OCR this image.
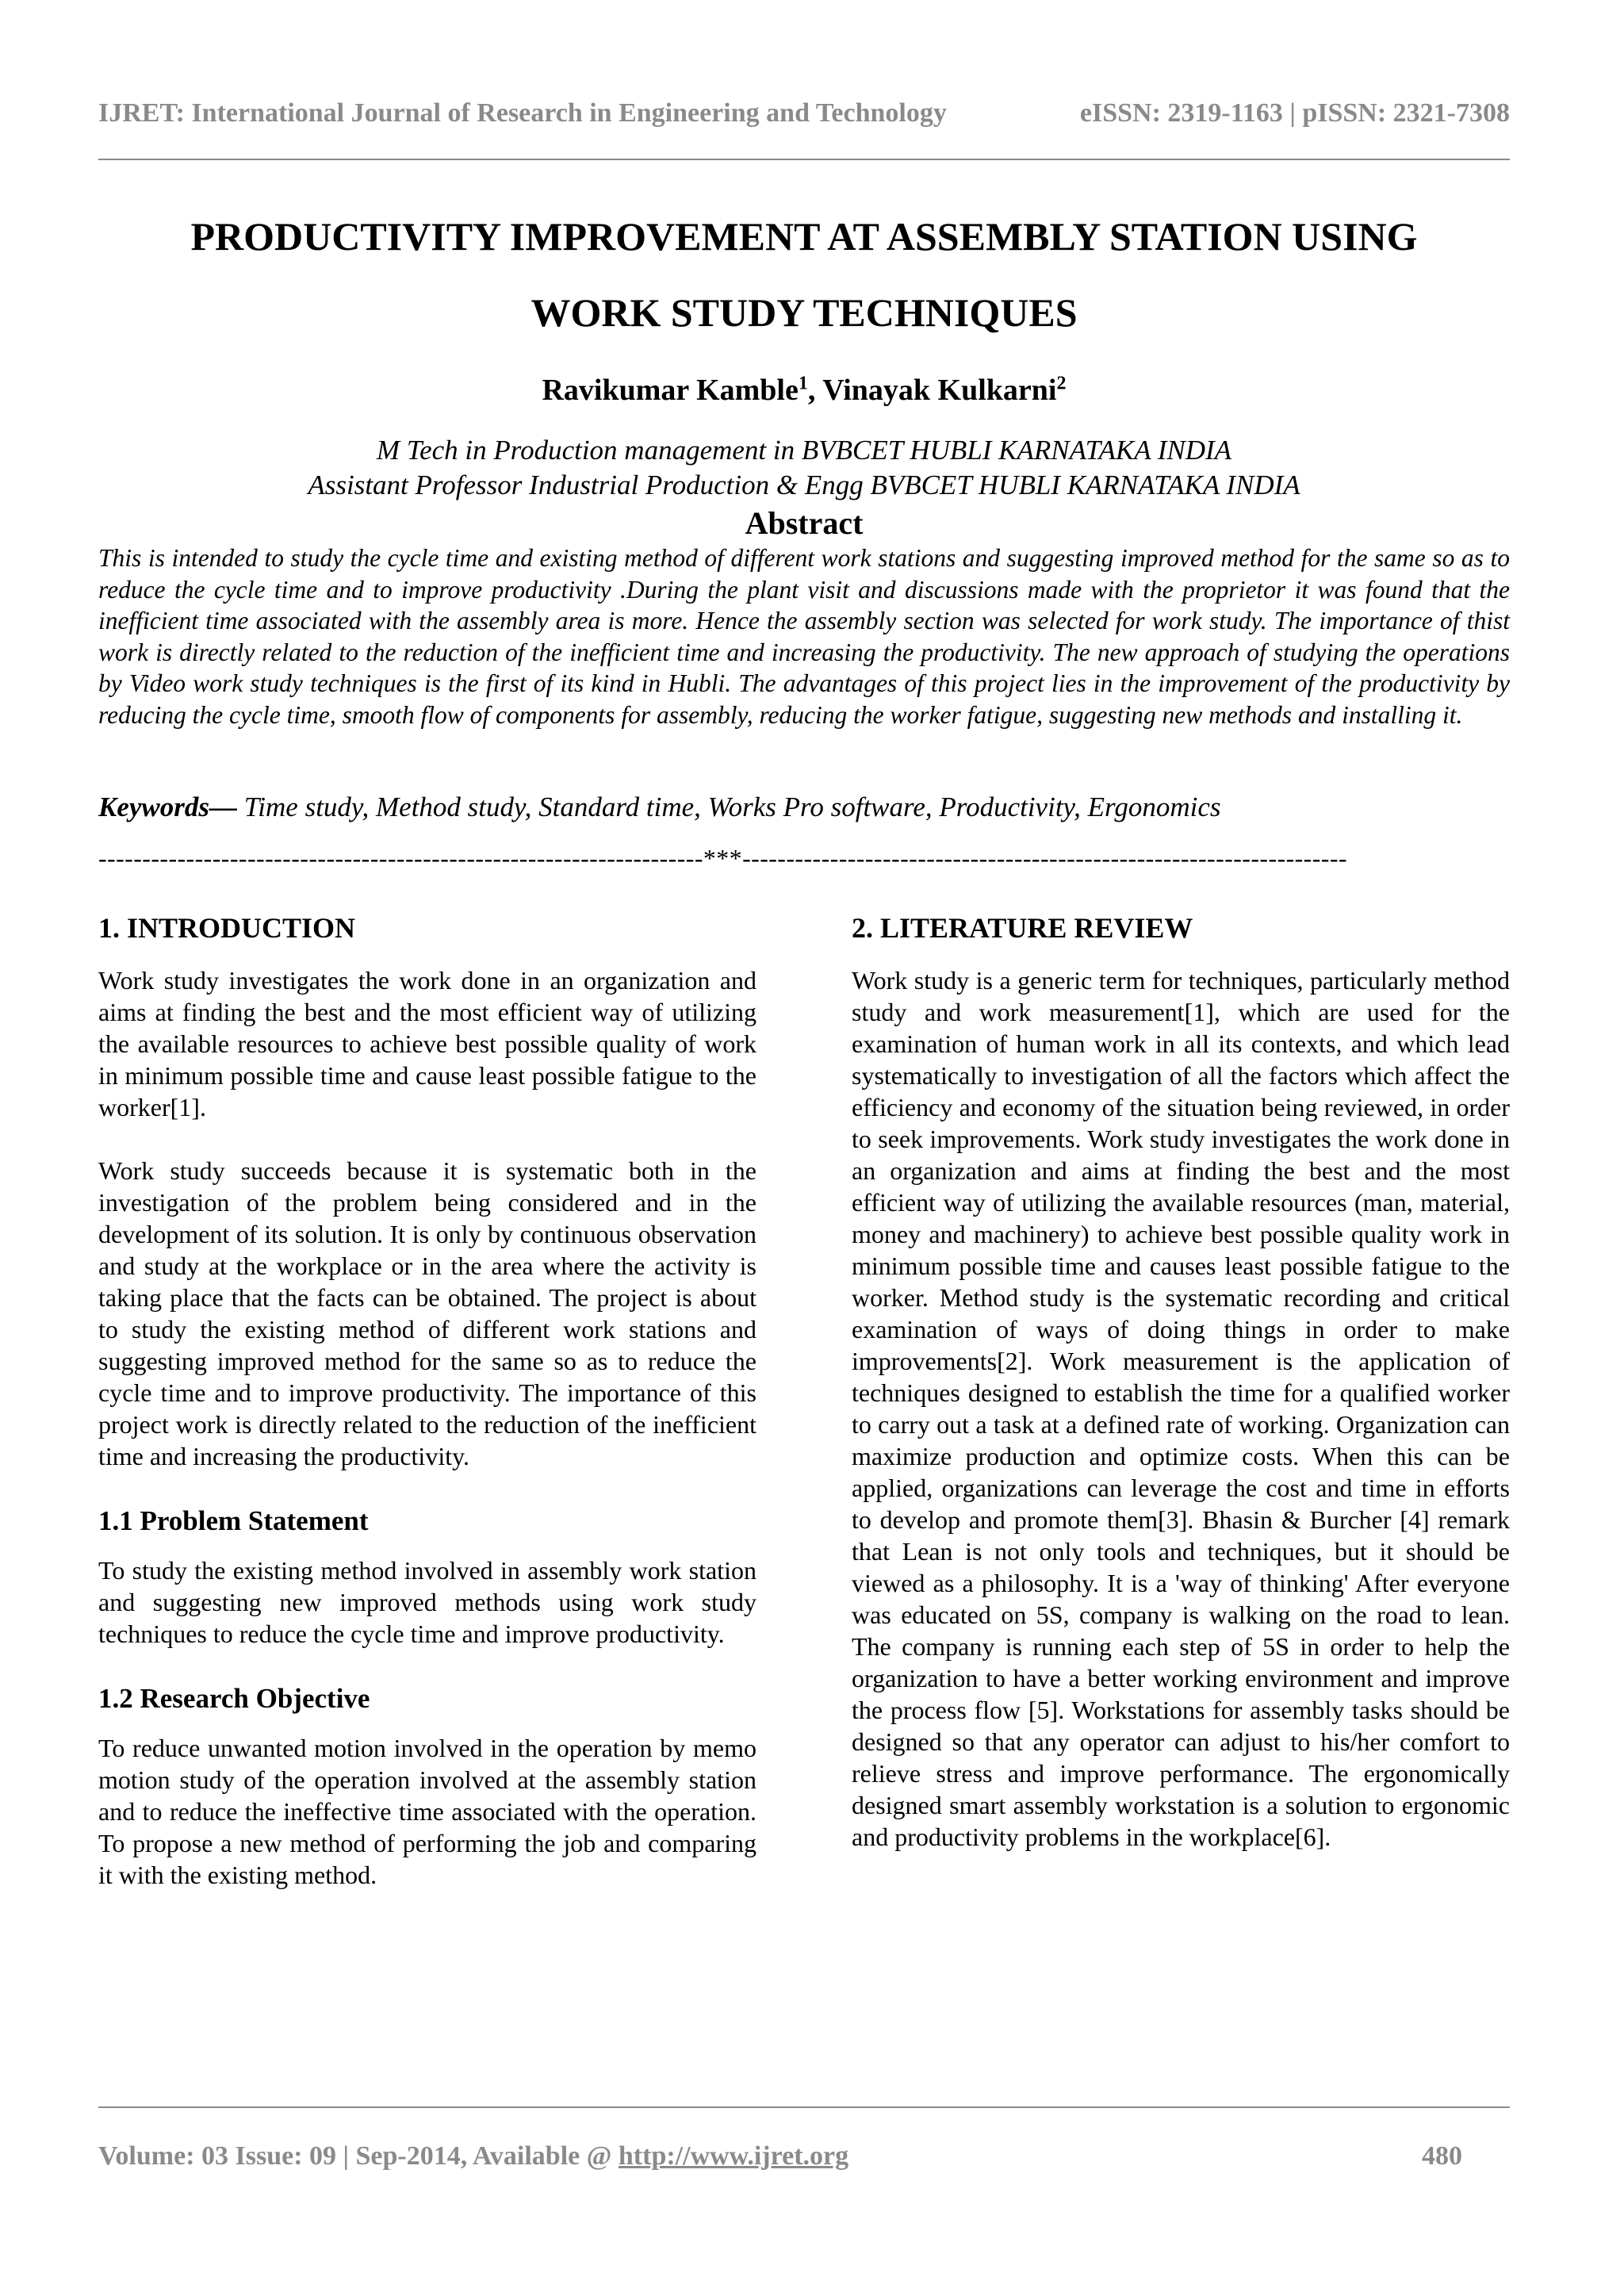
IJRET: International Journal of Research in Engineering and Technology	eISSN: 2319-1163 | pISSN: 2321-7308
PRODUCTIVITY IMPROVEMENT AT ASSEMBLY STATION USING
WORK STUDY TECHNIQUES
Ravikumar Kamble$^1$, Vinayak Kulkarni$^2$
M Tech in Production management in BVBCET HUBLI KARNATAKA INDIA
Assistant Professor Industrial Production & Engg BVBCET HUBLI KARNATAKA INDIA
Abstract
This is intended to study the cycle time and existing method of different work stations and suggesting improved method for the same so as to reduce the cycle time and to improve productivity .During the plant visit and discussions made with the proprietor it was found that the inefficient time associated with the assembly area is more. Hence the assembly section was selected for work study. The importance of thist work is directly related to the reduction of the inefficient time and increasing the productivity. The new approach of studying the operations by Video work study techniques is the first of its kind in Hubli. The advantages of this project lies in the improvement of the productivity by reducing the cycle time, smooth flow of components for assembly, reducing the worker fatigue, suggesting new methods and installing it.
Keywords— Time study, Method study, Standard time, Works Pro software, Productivity, Ergonomics
---------------------------------------------------------------------***---------------------------------------------------------------------
1. INTRODUCTION

Work study investigates the work done in an organization and aims at finding the best and the most efficient way of utilizing the available resources to achieve best possible quality of work in minimum possible time and cause least possible fatigue to the worker[1].

Work study succeeds because it is systematic both in the investigation of the problem being considered and in the development of its solution. It is only by continuous observation and study at the workplace or in the area where the activity is taking place that the facts can be obtained. The project is about to study the existing method of different work stations and suggesting improved method for the same so as to reduce the cycle time and to improve productivity. The importance of this project work is directly related to the reduction of the inefficient time and increasing the productivity.

1.1 Problem Statement

To study the existing method involved in assembly work station and suggesting new improved methods using work study techniques to reduce the cycle time and improve productivity.

1.2 Research Objective

To reduce unwanted motion involved in the operation by memo motion study of the operation involved at the assembly station and to reduce the ineffective time associated with the operation. To propose a new method of performing the job and comparing it with the existing method.

2. LITERATURE REVIEW

Work study is a generic term for techniques, particularly method study and work measurement[1], which are used for the examination of human work in all its contexts, and which lead systematically to investigation of all the factors which affect the efficiency and economy of the situation being reviewed, in order to seek improvements. Work study investigates the work done in an organization and aims at finding the best and the most efficient way of utilizing the available resources (man, material, money and machinery) to achieve best possible quality work in minimum possible time and causes least possible fatigue to the worker. Method study is the systematic recording and critical examination of ways of doing things in order to make improvements[2]. Work measurement is the application of techniques designed to establish the time for a qualified worker to carry out a task at a defined rate of working. Organization can maximize production and optimize costs. When this can be applied, organizations can leverage the cost and time in efforts to develop and promote them[3]. Bhasin & Burcher [4] remark that Lean is not only tools and techniques, but it should be viewed as a philosophy. It is a 'way of thinking' After everyone was educated on 5S, company is walking on the road to lean. The company is running each step of 5S in order to help the organization to have a better working environment and improve the process flow [5]. Workstations for assembly tasks should be designed so that any operator can adjust to his/her comfort to relieve stress and improve performance. The ergonomically designed smart assembly workstation is a solution to ergonomic and productivity problems in the workplace[6].

Volume: 03 Issue: 09 | Sep-2014, Available @ http://www.ijret.org	480
